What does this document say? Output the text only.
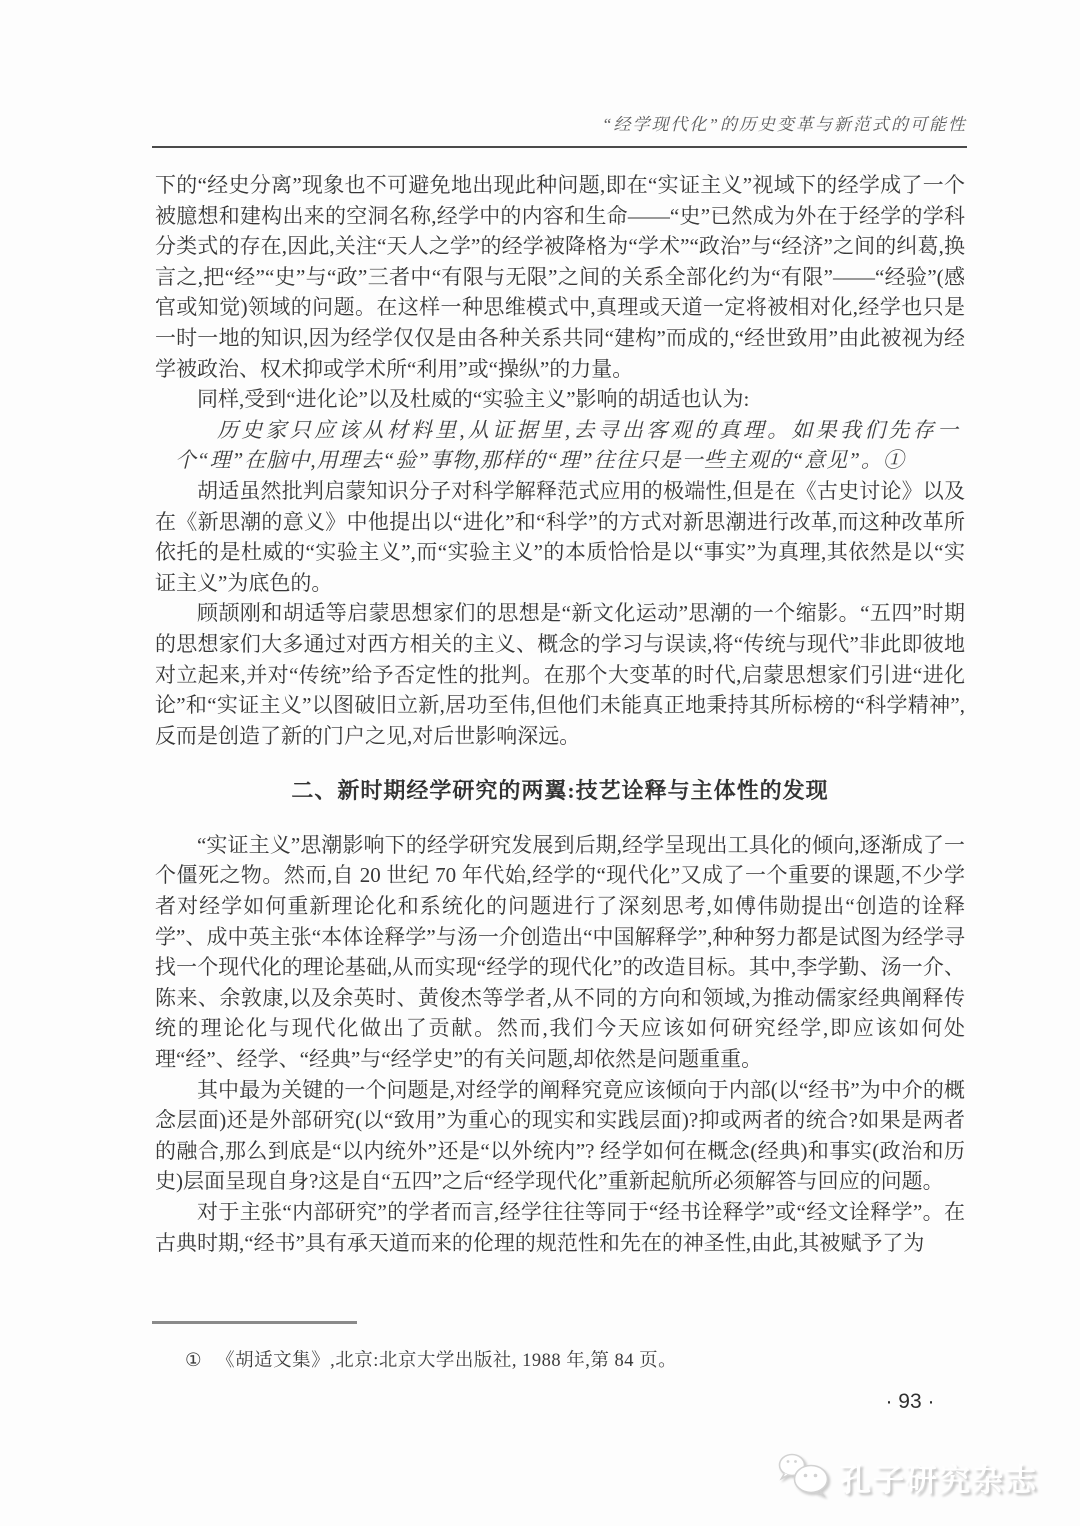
“经学现代化”的历史变革与新范式的可能性

下的“经史分离”现象也不可避免地出现此种问题,即在“实证主义”视域下的经学成了一个被臆想和建构出来的空洞名称,经学中的内容和生命——“史”已然成为外在于经学的学科分类式的存在,因此,关注“天人之学”的经学被降格为“学术”“政治”与“经济”之间的纠葛,换言之,把“经”“史”与“政”三者中“有限与无限”之间的关系全部化约为“有限”——“经验”(感官或知觉)领域的问题。在这样一种思维模式中,真理或天道一定将被相对化,经学也只是一时一地的知识,因为经学仅仅是由各种关系共同“建构”而成的,“经世致用”由此被视为经学被政治、权术抑或学术所“利用”或“操纵”的力量。

同样,受到“进化论”以及杜威的“实验主义”影响的胡适也认为:

历史家只应该从材料里,从证据里,去寻出客观的真理。如果我们先存一个“理”在脑中,用理去“验”事物,那样的“理”往往只是一些主观的“意见”。①

胡适虽然批判启蒙知识分子对科学解释范式应用的极端性,但是在《古史讨论》以及在《新思潮的意义》中他提出以“进化”和“科学”的方式对新思潮进行改革,而这种改革所依托的是杜威的“实验主义”,而“实验主义”的本质恰恰是以“事实”为真理,其依然是以“实证主义”为底色的。

顾颉刚和胡适等启蒙思想家们的思想是“新文化运动”思潮的一个缩影。“五四”时期的思想家们大多通过对西方相关的主义、概念的学习与误读,将“传统与现代”非此即彼地对立起来,并对“传统”给予否定性的批判。在那个大变革的时代,启蒙思想家们引进“进化论”和“实证主义”以图破旧立新,居功至伟,但他们未能真正地秉持其所标榜的“科学精神”,反而是创造了新的门户之见,对后世影响深远。

二、新时期经学研究的两翼:技艺诠释与主体性的发现

“实证主义”思潮影响下的经学研究发展到后期,经学呈现出工具化的倾向,逐渐成了一个僵死之物。然而,自 20 世纪 70 年代始,经学的“现代化”又成了一个重要的课题,不少学者对经学如何重新理论化和系统化的问题进行了深刻思考,如傅伟勋提出“创造的诠释学”、成中英主张“本体诠释学”与汤一介创造出“中国解释学”,种种努力都是试图为经学寻找一个现代化的理论基础,从而实现“经学的现代化”的改造目标。其中,李学勤、汤一介、陈来、余敦康,以及余英时、黄俊杰等学者,从不同的方向和领域,为推动儒家经典阐释传统的理论化与现代化做出了贡献。然而,我们今天应该如何研究经学,即应该如何处理“经”、经学、“经典”与“经学史”的有关问题,却依然是问题重重。

其中最为关键的一个问题是,对经学的阐释究竟应该倾向于内部(以“经书”为中介的概念层面)还是外部研究(以“致用”为重心的现实和实践层面)?抑或两者的统合?如果是两者的融合,那么到底是“以内统外”还是“以外统内”? 经学如何在概念(经典)和事实(政治和历史)层面呈现自身?这是自“五四”之后“经学现代化”重新起航所必须解答与回应的问题。

对于主张“内部研究”的学者而言,经学往往等同于“经书诠释学”或“经文诠释学”。在古典时期,“经书”具有承天道而来的伦理的规范性和先在的神圣性,由此,其被赋予了为

① 《胡适文集》,北京:北京大学出版社, 1988 年,第 84 页。
· 93 ·
孔子研究杂志
